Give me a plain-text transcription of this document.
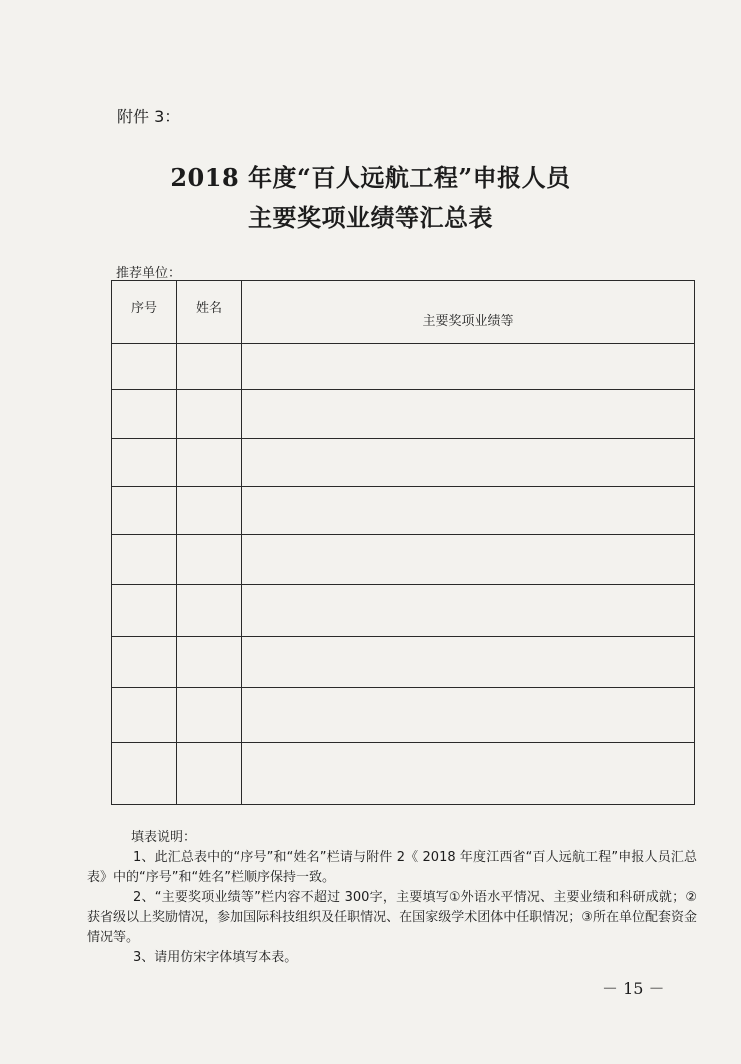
附件 3：
2018 年度“百人远航工程”申报人员
主要奖项业绩等汇总表
推荐单位：
序号	姓名	主要奖项业绩等

填表说明：

1、此汇总表中的“序号”和“姓名”栏请与附件 2《 2018 年度江西省“百人远航工程”申报人员汇总表》中的“序号”和“姓名”栏顺序保持一致。

2、“主要奖项业绩等”栏内容不超过 300字，主要填写①外语水平情况、主要业绩和科研成就；②获省级以上奖励情况，参加国际科技组织及任职情况、在国家级学术团体中任职情况；③所在单位配套资金情况等。

3、请用仿宋字体填写本表。

－ 15 －
